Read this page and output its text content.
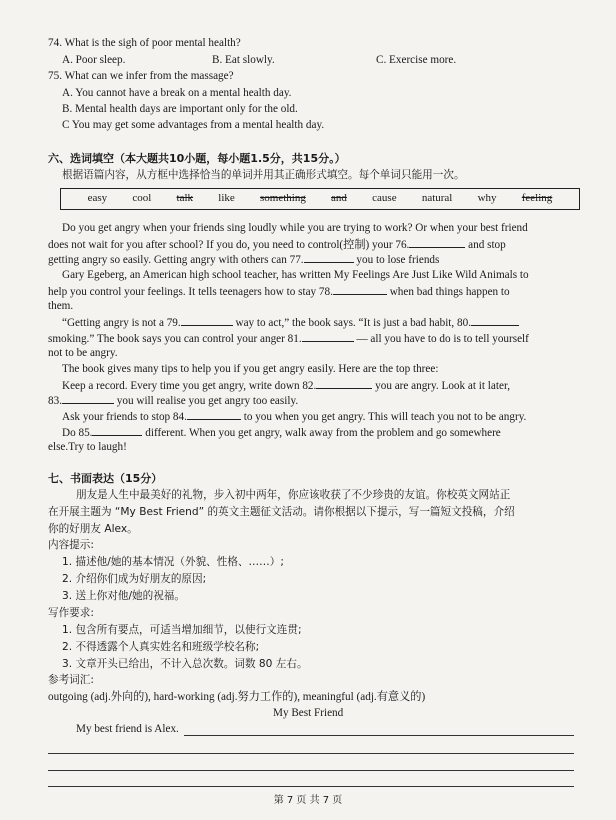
74. What is the sigh of poor mental health?
A. Poor sleep.	B. Eat slowly.	C. Exercise more.
75. What can we infer from the massage?
A. You cannot have a break on a mental health day.
B. Mental health days are important only for the old.
C You may get some advantages from a mental health day.
六、选词填空（本大题共10小题，每小题1.5分，共15分。）
根据语篇内容，从方框中选择恰当的单词并用其正确形式填空。每个单词只能用一次。
easy cool talk like something and cause natural why feeling
Do you get angry when your friends sing loudly while you are trying to work? Or when your best friend
does not wait for you after school? If you do, you need to control(控制) your 76.	and stop
getting angry so easily. Getting angry with others can 77.	you to lose friends
Gary Egeberg, an American high school teacher, has written My Feelings Are Just Like Wild Animals to
help you control your feelings. It tells teenagers how to stay 78.	when bad things happen to
them.
“Getting angry is not a 79.	way to act,” the book says. “It is just a bad habit, 80.
smoking.” The book says you can control your anger 81.	— all you have to do is to tell yourself
not to be angry.
The book gives many tips to help you if you get angry easily. Here are the top three:
Keep a record. Every time you get angry, write down 82.	you are angry. Look at it later,
83.	you will realise you get angry too easily.
Ask your friends to stop 84.	to you when you get angry. This will teach you not to be angry.
Do 85.	different. When you get angry, walk away from the problem and go somewhere
else.Try to laugh!
七、书面表达（15分）
朋友是人生中最美好的礼物，步入初中两年，你应该收获了不少珍贵的友谊。你校英文网站正
在开展主题为 “My Best Friend” 的英文主题征文活动。请你根据以下提示，写一篇短文投稿，介绍
你的好朋友 Alex。
内容提示:
1. 描述他/她的基本情况（外貌、性格、……）;
2. 介绍你们成为好朋友的原因;
3. 送上你对他/她的祝福。
写作要求:
1. 包含所有要点，可适当增加细节，以使行文连贯;
2. 不得透露个人真实姓名和班级学校名称;
3. 文章开头已给出，不计入总次数。词数 80 左右。
参考词汇:
outgoing (adj.外向的), hard-working (adj.努力工作的), meaningful (adj.有意义的)
My Best Friend
My best friend is Alex.
第 7 页 共 7 页
